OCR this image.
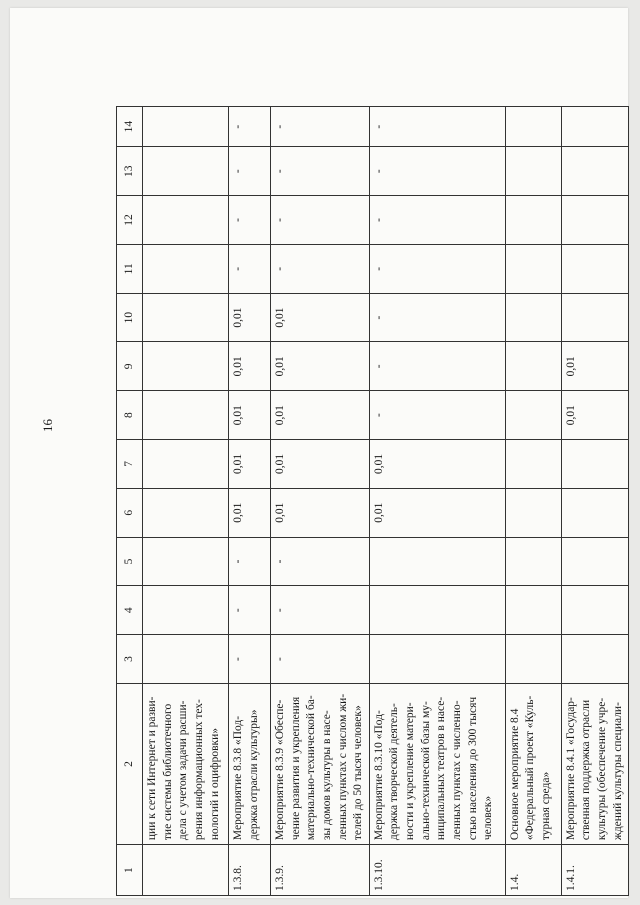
16
1	2	3	4	5	6	7	8	9	10	11	12	13	14
	ции к сети Интернет и разви-тие системы библиотечного дела с учетом задачи расши-рения информационных тех-нологий и оцифровки»												
1.3.8.	Мероприятие 8.3.8 «Под-держка отрасли культуры»	-	-	-	0,01	0,01	0,01	0,01	0,01	-	-	-	-
1.3.9.	Мероприятие 8.3.9 «Обеспе-чение развития и укрепления материально-технической ба-зы домов культуры в насе-ленных пунктах с числом жи-телей до 50 тысяч человек»	-	-	-	0,01	0,01	0,01	0,01	0,01	-	-	-	-
1.3.10.	Мероприятие 8.3.10 «Под-держка творческой деятель-ности и укрепление матери-ально-технической базы му-ниципальных театров в насе-ленных пунктах с численно-стью населения до 300 тысяч человек»				0,01	0,01	-	-	-	-	-	-	-
1.4.	Основное мероприятие 8.4 «Федеральный проект «Куль-турная среда»												
1.4.1.	Мероприятие 8.4.1 «Государ-ственная поддержка отрасли культуры (обеспечение учре-ждений культуры специали-						0,01	0,01					
